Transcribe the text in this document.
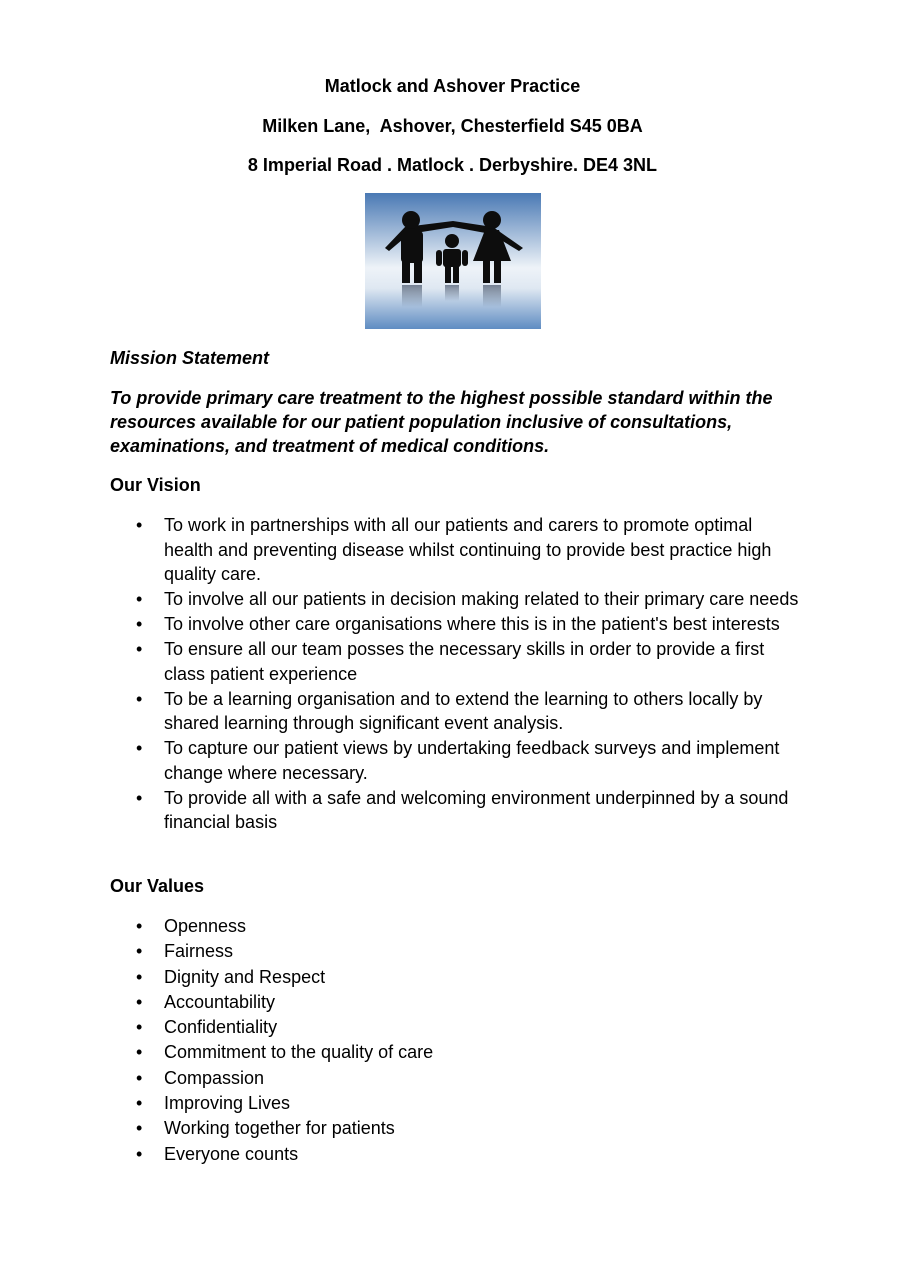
Matlock and Ashover Practice
Milken Lane,  Ashover, Chesterfield S45 0BA
8 Imperial Road . Matlock . Derbyshire. DE4 3NL
Mission Statement
To provide primary care treatment to the highest possible standard within the resources available for our patient population inclusive of consultations, examinations, and treatment of medical conditions.
Our Vision
•	To work in partnerships with all our patients and carers to promote optimal health and preventing disease whilst continuing to provide best practice high quality care.
•	To involve all our patients in decision making related to their primary care needs
•	To involve other care organisations where this is in the patient's best interests
•	To ensure all our team posses the necessary skills in order to provide a first class patient experience
•	To be a learning organisation and to extend the learning to others locally by shared learning through significant event analysis.
•	To capture our patient views by undertaking feedback surveys and implement change where necessary.
•	To provide all with a safe and welcoming environment underpinned by a sound financial basis
Our Values
•	Openness
•	Fairness
•	Dignity and Respect
•	Accountability
•	Confidentiality
•	Commitment to the quality of care
•	Compassion
•	Improving Lives
•	Working together for patients
•	Everyone counts
